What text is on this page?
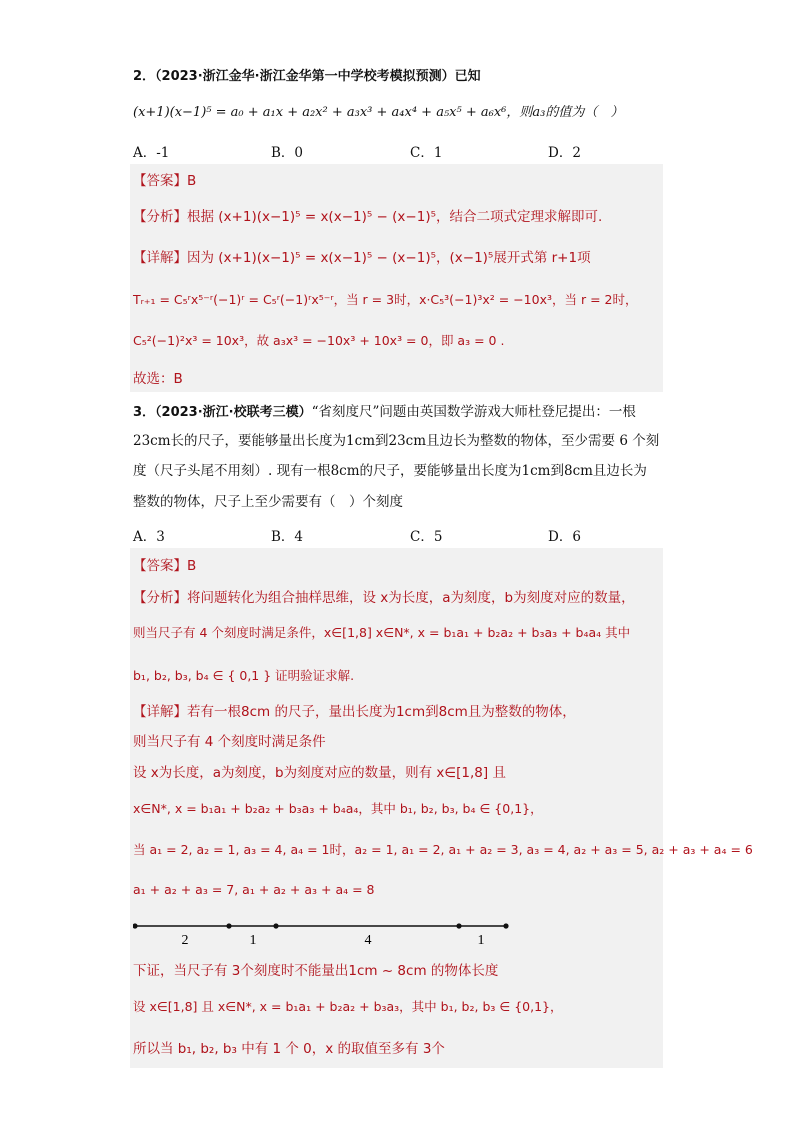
2．（2023·浙江金华·浙江金华第一中学校考模拟预测）已知
(x+1)(x−1)⁵ = a₀ + a₁x + a₂x² + a₃x³ + a₄x⁴ + a₅x⁵ + a₆x⁶，则a₃的值为（　）
A．-1	B．0	C．1	D．2
【答案】B
【分析】根据 (x+1)(x−1)⁵ = x(x−1)⁵ − (x−1)⁵，结合二项式定理求解即可.
【详解】因为 (x+1)(x−1)⁵ = x(x−1)⁵ − (x−1)⁵，(x−1)⁵展开式第 r+1项
Tᵣ₊₁ = C₅ʳx⁵⁻ʳ(−1)ʳ = C₅ʳ(−1)ʳx⁵⁻ʳ，当 r = 3时，x·C₅³(−1)³x² = −10x³，当 r = 2时，
C₅²(−1)²x³ = 10x³，故 a₃x³ = −10x³ + 10x³ = 0，即 a₃ = 0 .
故选：B
3．（2023·浙江·校联考三模）“省刻度尺”问题由英国数学游戏大师杜登尼提出：一根
23cm长的尺子，要能够量出长度为1cm到23cm且边长为整数的物体，至少需要 6 个刻
度（尺子头尾不用刻）. 现有一根8cm的尺子，要能够量出长度为1cm到8cm且边长为
整数的物体，尺子上至少需要有（　）个刻度
A．3	B．4	C．5	D．6
【答案】B
【分析】将问题转化为组合抽样思维，设 x为长度，a为刻度，b为刻度对应的数量，
则当尺子有 4 个刻度时满足条件，x∈[1,8] x∈N*, x = b₁a₁ + b₂a₂ + b₃a₃ + b₄a₄ 其中
b₁, b₂, b₃, b₄ ∈ { 0,1 } 证明验证求解.
【详解】若有一根8cm 的尺子，量出长度为1cm到8cm且为整数的物体，
则当尺子有 4 个刻度时满足条件
设 x为长度，a为刻度，b为刻度对应的数量，则有 x∈[1,8] 且
x∈N*, x = b₁a₁ + b₂a₂ + b₃a₃ + b₄a₄，其中 b₁, b₂, b₃, b₄ ∈ {0,1}，
当 a₁ = 2, a₂ = 1, a₃ = 4, a₄ = 1时，a₂ = 1, a₁ = 2, a₁ + a₂ = 3, a₃ = 4, a₂ + a₃ = 5, a₂ + a₃ + a₄ = 6
a₁ + a₂ + a₃ = 7, a₁ + a₂ + a₃ + a₄ = 8
2	1	4	1
下证，当尺子有 3个刻度时不能量出1cm ~ 8cm 的物体长度
设 x∈[1,8] 且 x∈N*, x = b₁a₁ + b₂a₂ + b₃a₃，其中 b₁, b₂, b₃ ∈ {0,1}，
所以当 b₁, b₂, b₃ 中有 1 个 0，x 的取值至多有 3个
